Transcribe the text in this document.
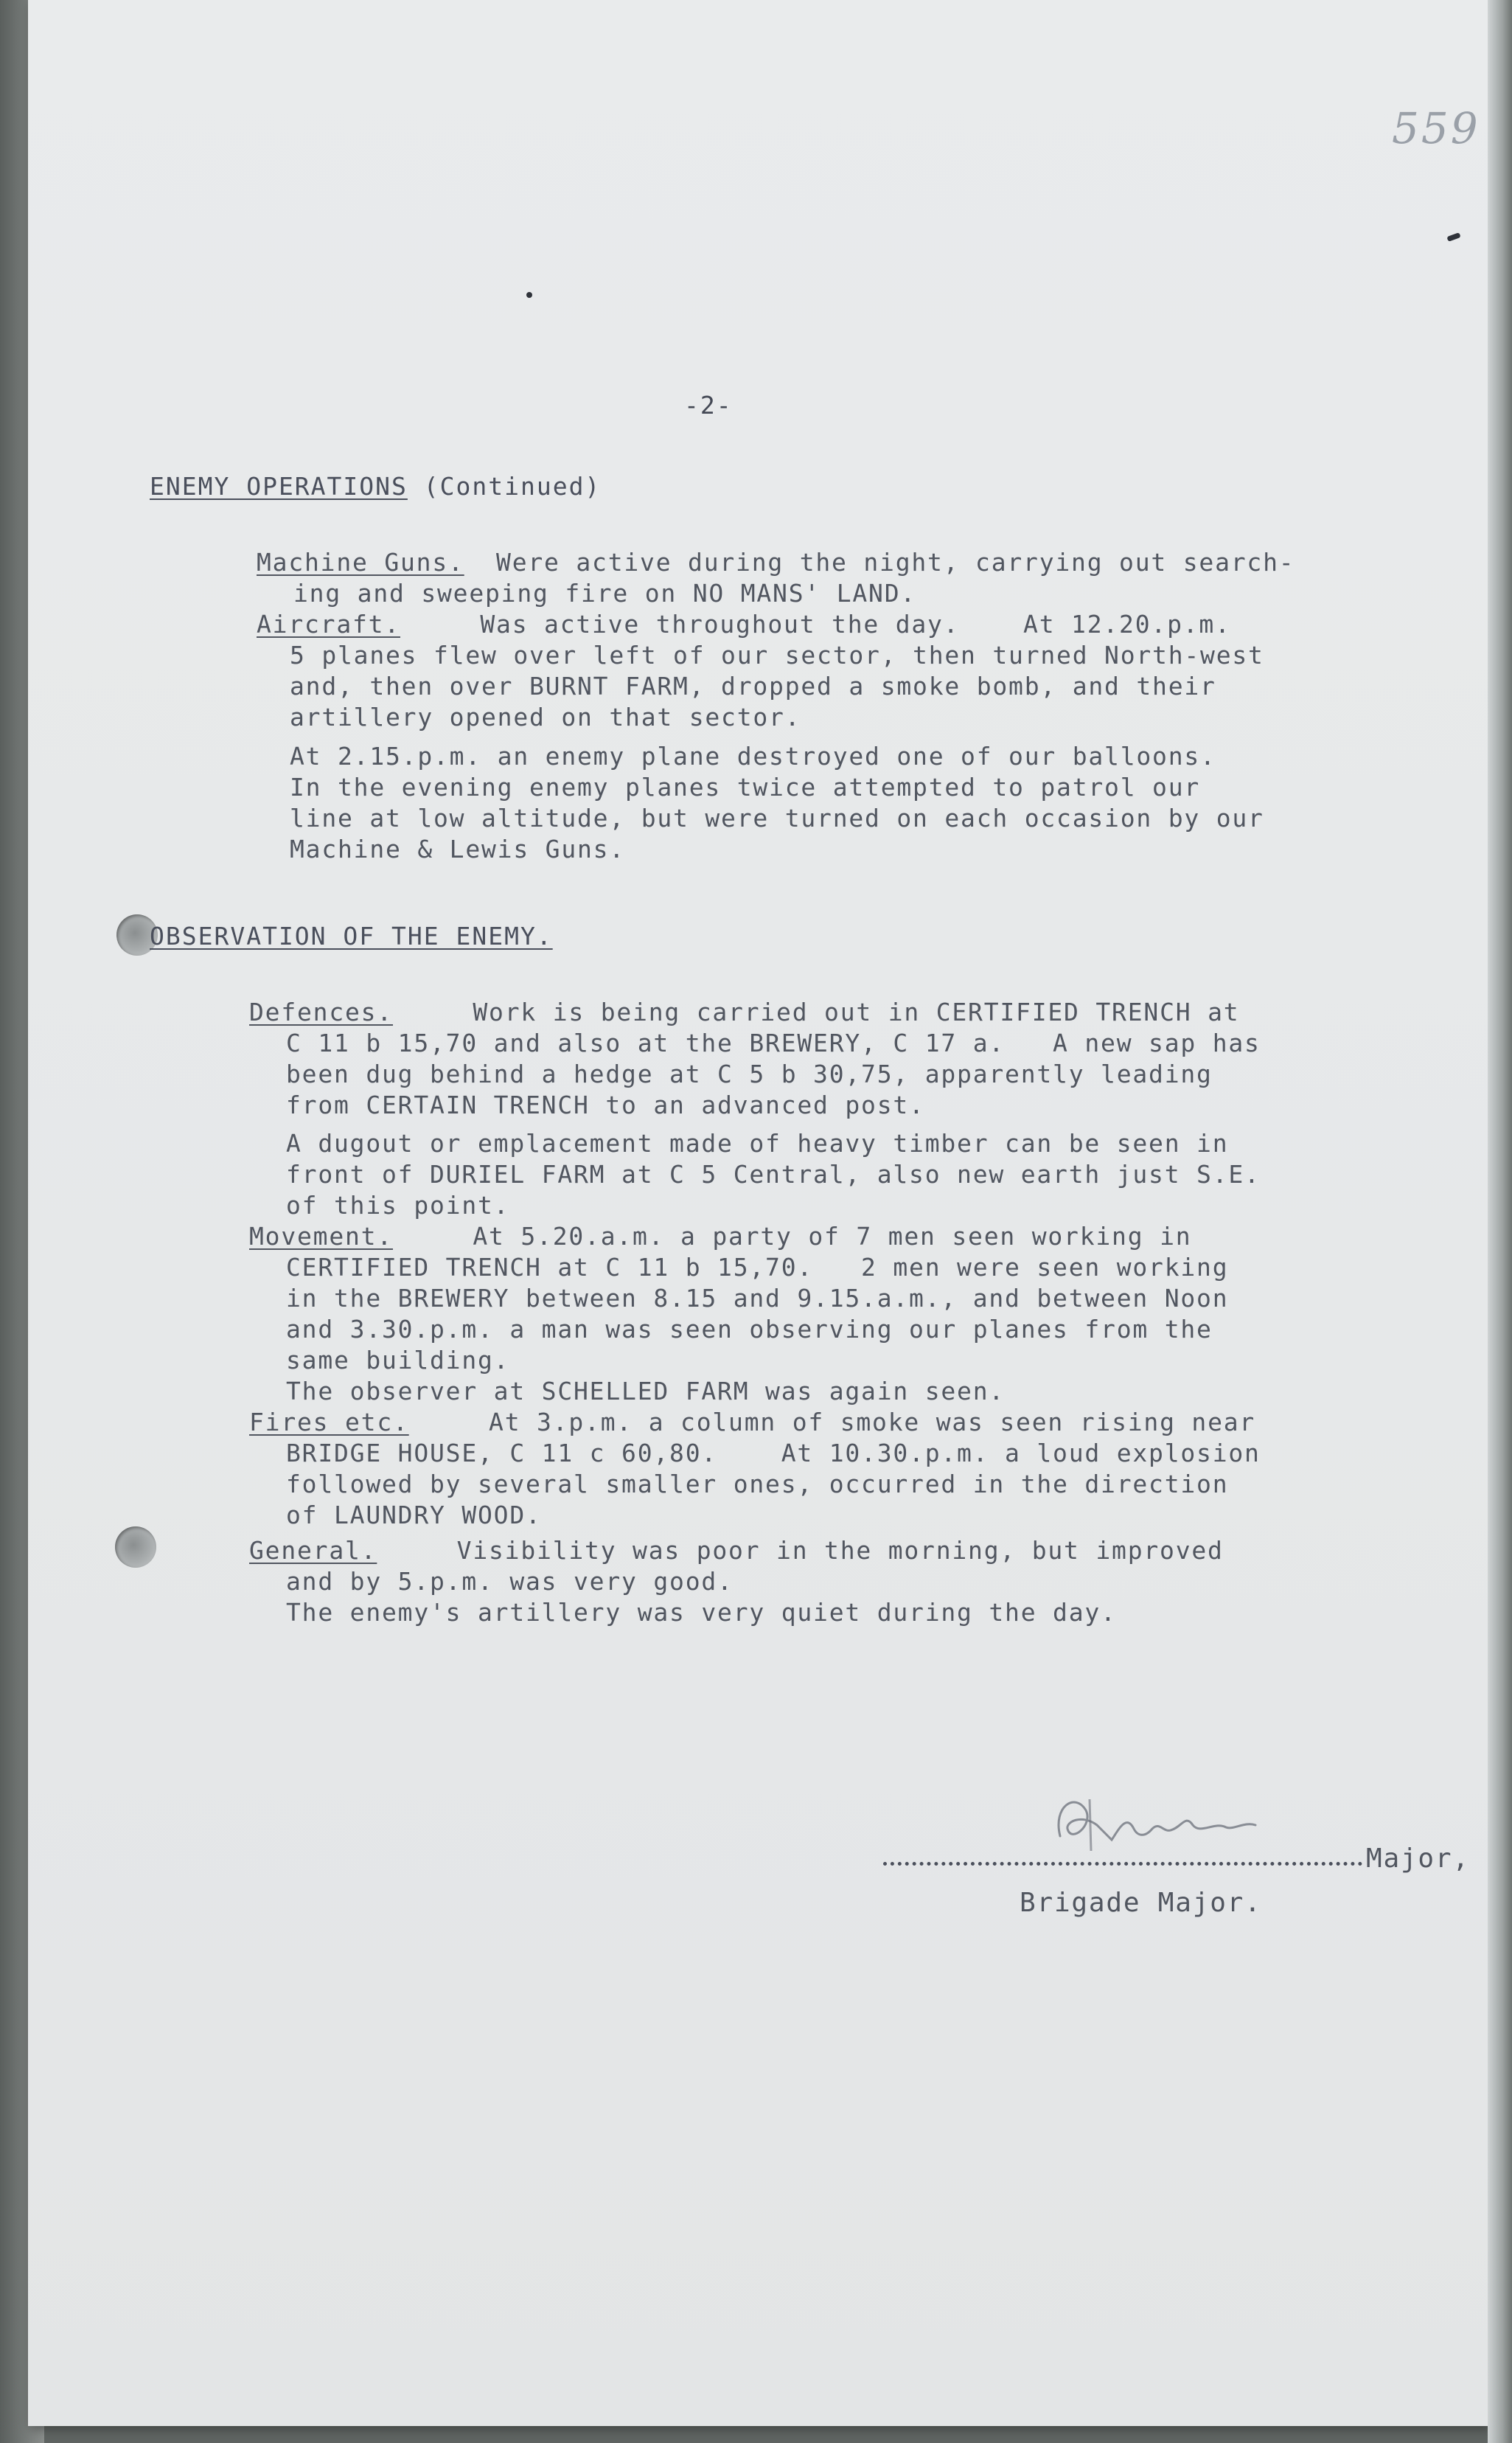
559
-2-
ENEMY OPERATIONS (Continued)
Machine Guns.  Were active during the night, carrying out search-
ing and sweeping fire on NO MANS' LAND.
Aircraft.     Was active throughout the day.    At 12.20.p.m.
5 planes flew over left of our sector, then turned North-west
and, then over BURNT FARM, dropped a smoke bomb, and their
artillery opened on that sector.
At 2.15.p.m. an enemy plane destroyed one of our balloons.
In the evening enemy planes twice attempted to patrol our
line at low altitude, but were turned on each occasion by our
Machine & Lewis Guns.
OBSERVATION OF THE ENEMY.
Defences.     Work is being carried out in CERTIFIED TRENCH at
C 11 b 15,70 and also at the BREWERY, C 17 a.   A new sap has
been dug behind a hedge at C 5 b 30,75, apparently leading
from CERTAIN TRENCH to an advanced post.
A dugout or emplacement made of heavy timber can be seen in
front of DURIEL FARM at C 5 Central, also new earth just S.E.
of this point.
Movement.     At 5.20.a.m. a party of 7 men seen working in
CERTIFIED TRENCH at C 11 b 15,70.   2 men were seen working
in the BREWERY between 8.15 and 9.15.a.m., and between Noon
and 3.30.p.m. a man was seen observing our planes from the
same building.
The observer at SCHELLED FARM was again seen.
Fires etc.     At 3.p.m. a column of smoke was seen rising near
BRIDGE HOUSE, C 11 c 60,80.    At 10.30.p.m. a loud explosion
followed by several smaller ones, occurred in the direction
of LAUNDRY WOOD.
General.     Visibility was poor in the morning, but improved
and by 5.p.m. was very good.
The enemy's artillery was very quiet during the day.
Major,
Brigade Major.
